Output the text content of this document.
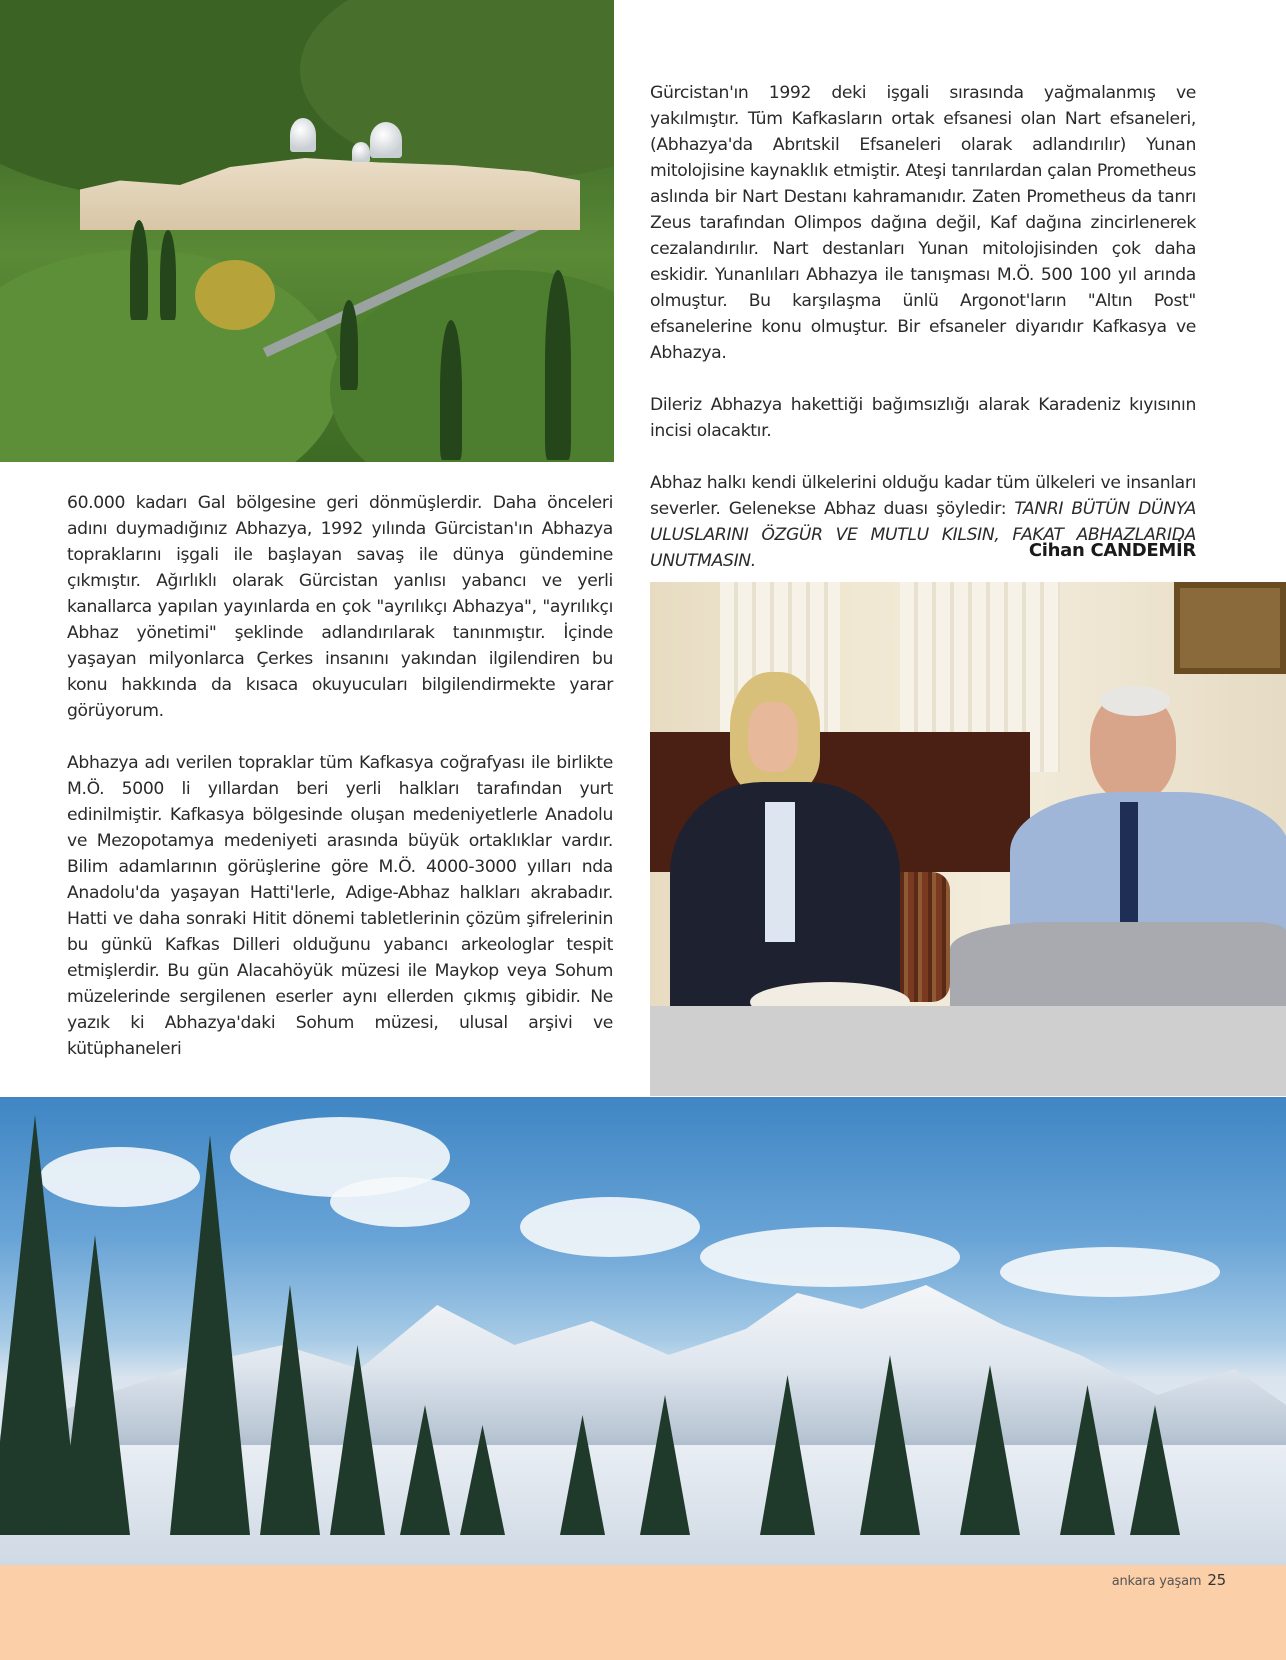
Gürcistan'ın 1992 deki işgali sırasında yağmalanmış ve yakılmıştır. Tüm Kafkasların ortak efsanesi olan Nart efsaneleri, (Abhazya'da Abrıtskil Efsaneleri olarak adlandırılır) Yunan mitolojisine kaynaklık etmiştir. Ateşi tanrılardan çalan Prometheus aslında bir Nart Destanı kahramanıdır. Zaten Prometheus da tanrı Zeus tarafından Olimpos dağına değil, Kaf dağına zincirlenerek cezalandırılır. Nart destanları Yunan mitolojisinden çok daha eskidir. Yunanlıları Abhazya ile tanışması M.Ö. 500 100 yıl arında olmuştur. Bu karşılaşma ünlü Argonot'ların "Altın Post" efsanelerine konu olmuştur. Bir efsaneler diyarıdır Kafkasya ve Abhazya.

Dileriz Abhazya hakettiği bağımsızlığı alarak Karadeniz kıyısının incisi olacaktır.

Abhaz halkı kendi ülkelerini olduğu kadar tüm ülkeleri ve insanları severler. Gelenekse Abhaz duası şöyledir: TANRI BÜTÜN DÜNYA ULUSLARINI ÖZGÜR VE MUTLU KILSIN, FAKAT ABHAZLARIDA UNUTMASIN.	Cihan CANDEMİR

60.000 kadarı Gal bölgesine geri dönmüşlerdir. Daha önceleri adını duymadığınız Abhazya, 1992 yılında Gürcistan'ın Abhazya topraklarını işgali ile başlayan savaş ile dünya gündemine çıkmıştır. Ağırlıklı olarak Gürcistan yanlısı yabancı ve yerli kanallarca yapılan yayınlarda en çok "ayrılıkçı Abhazya", "ayrılıkçı Abhaz yönetimi" şeklinde adlandırılarak tanınmıştır. İçinde yaşayan milyonlarca Çerkes insanını yakından ilgilendiren bu konu hakkında da kısaca okuyucuları bilgilendirmekte yarar görüyorum.

Abhazya adı verilen topraklar tüm Kafkasya coğrafyası ile birlikte M.Ö. 5000 li yıllardan beri yerli halkları tarafından yurt edinilmiştir. Kafkasya bölgesinde oluşan medeniyetlerle Anadolu ve Mezopotamya medeniyeti arasında büyük ortaklıklar vardır. Bilim adamlarının görüşlerine göre M.Ö. 4000-3000 yılları nda Anadolu'da yaşayan Hatti'lerle, Adige-Abhaz halkları akrabadır. Hatti ve daha sonraki Hitit dönemi tabletlerinin çözüm şifrelerinin bu günkü Kafkas Dilleri olduğunu yabancı arkeologlar tespit etmişlerdir. Bu gün Alacahöyük müzesi ile Maykop veya Sohum müzelerinde sergilenen eserler aynı ellerden çıkmış gibidir. Ne yazık ki Abhazya'daki Sohum müzesi, ulusal arşivi ve kütüphaneleri

ankara yaşam 25
